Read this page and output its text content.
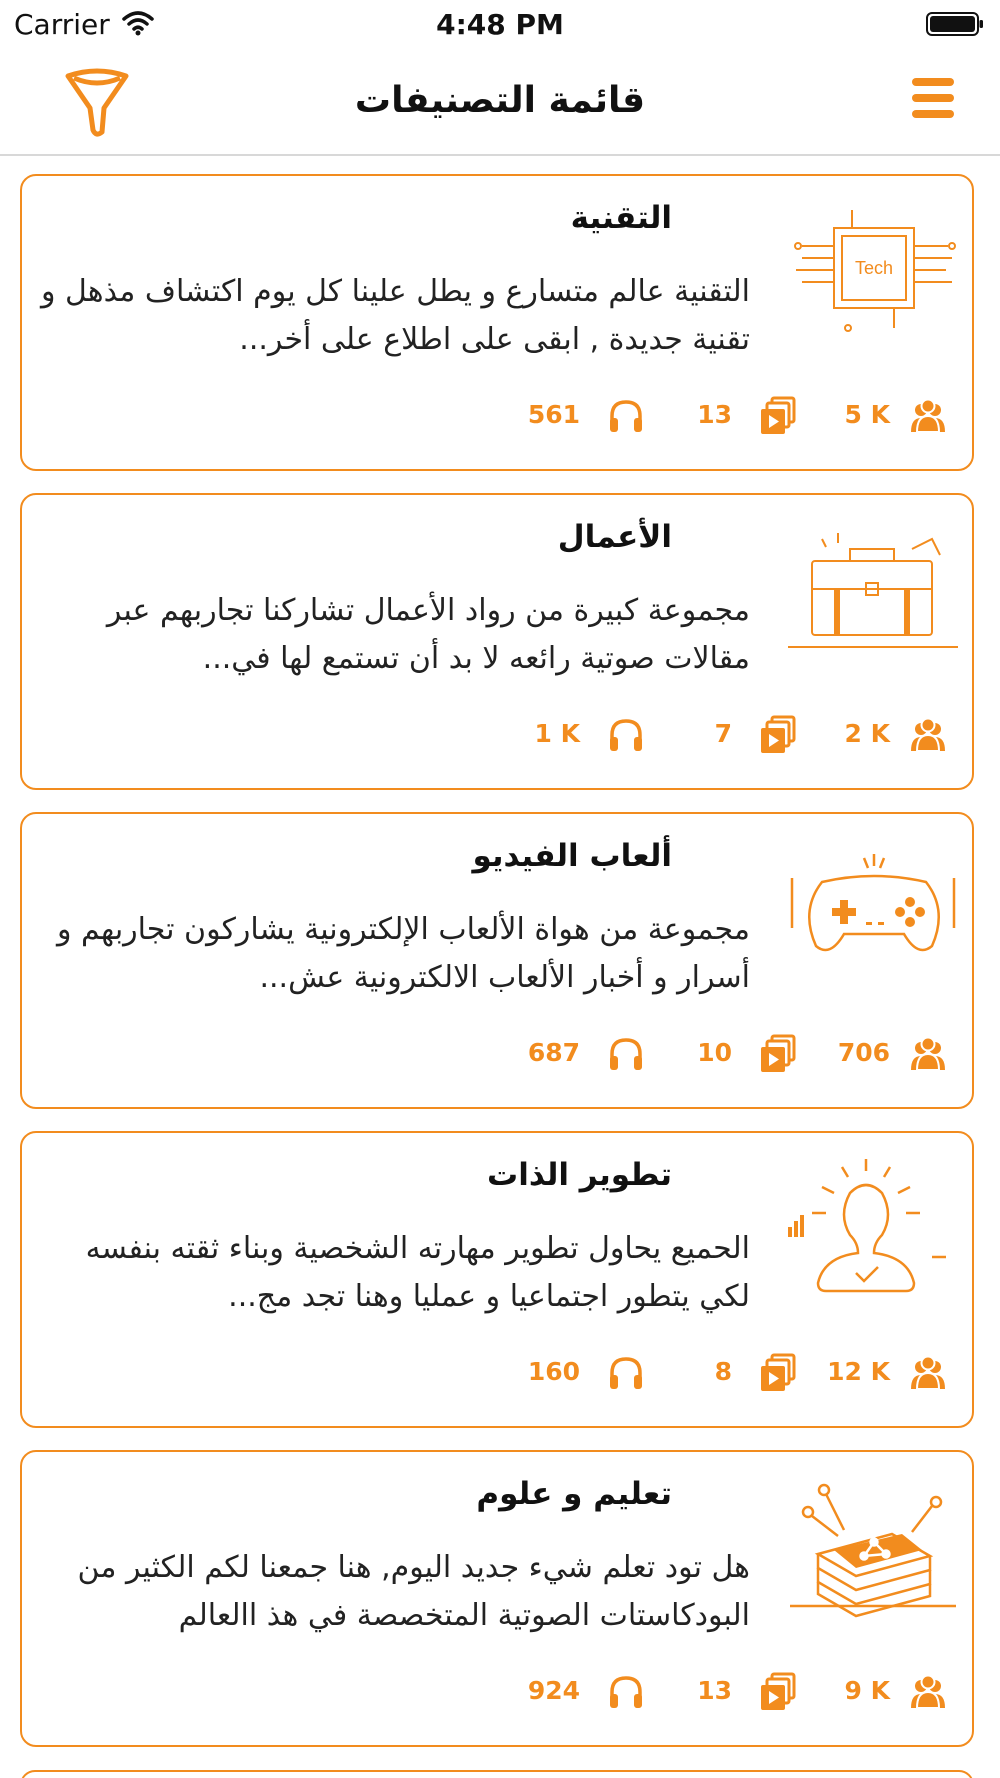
Carrier	4:48 PM
قائمة التصنيفات
Tech
التقنية
التقنية عالم متسارع و يطل علينا كل يوم اكتشاف مذهل و تقنية جديدة , ابقى على اطلاع على أخر...
5 K
13
561
الأعمال
مجموعة كبيرة من رواد الأعمال تشاركنا تجاربهم عبر مقالات صوتية رائعه لا بد أن تستمع لها في...
2 K
7
1 K
ألعاب الفيديو
مجموعة من هواة الألعاب الإلكترونية يشاركون تجاربهم و أسرار و أخبار الألعاب الالكترونية عش...
706
10
687
تطوير الذات
الحميع يحاول تطوير مهارته الشخصية وبناء ثقته بنفسه لكي يتطور اجتماعيا و عمليا وهنا تجد مج...
12 K
8
160
تعليم و علوم
هل تود تعلم شيء جديد اليوم, هنا جمعنا لكم الكثير من البودكاستات الصوتية المتخصصة في هذ االعالم
9 K
13
924
